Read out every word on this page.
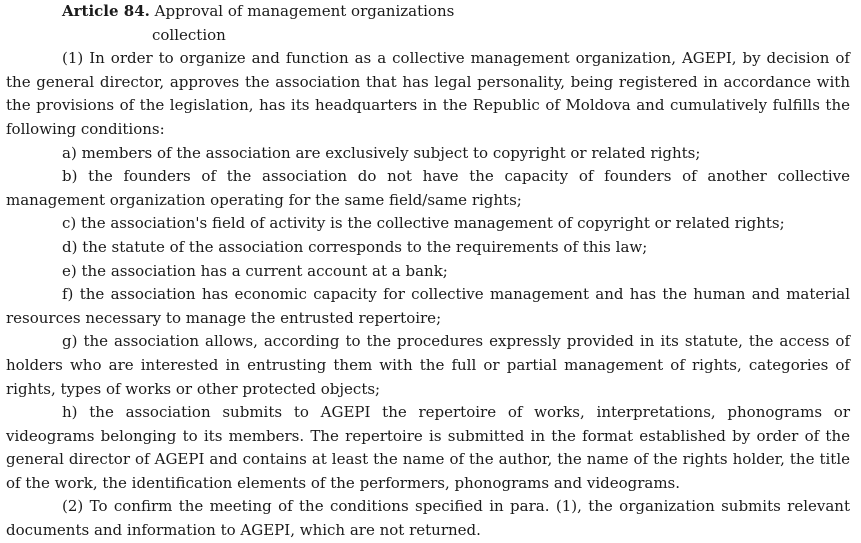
Article 84. Approval of management organizations

collection

(1) In order to organize and function as a collective management organization, AGEPI, by decision of the general director, approves the association that has legal personality, being registered in accordance with the provisions of the legislation, has its headquarters in the Republic of Moldova and cumulatively fulfills the following conditions:

a) members of the association are exclusively subject to copyright or related rights;

b) the founders of the association do not have the capacity of founders of another collective management organization operating for the same field/same rights;

c) the association's field of activity is the collective management of copyright or related rights;

d) the statute of the association corresponds to the requirements of this law;

e) the association has a current account at a bank;

f) the association has economic capacity for collective management and has the human and material resources necessary to manage the entrusted repertoire;

g) the association allows, according to the procedures expressly provided in its statute, the access of holders who are interested in entrusting them with the full or partial management of rights, categories of rights, types of works or other protected objects;

h) the association submits to AGEPI the repertoire of works, interpretations, phonograms or videograms belonging to its members. The repertoire is submitted in the format established by order of the general director of AGEPI and contains at least the name of the author, the name of the rights holder, the title of the work, the identification elements of the performers, phonograms and videograms.

(2) To confirm the meeting of the conditions specified in para. (1), the organization submits relevant documents and information to AGEPI, which are not returned.
